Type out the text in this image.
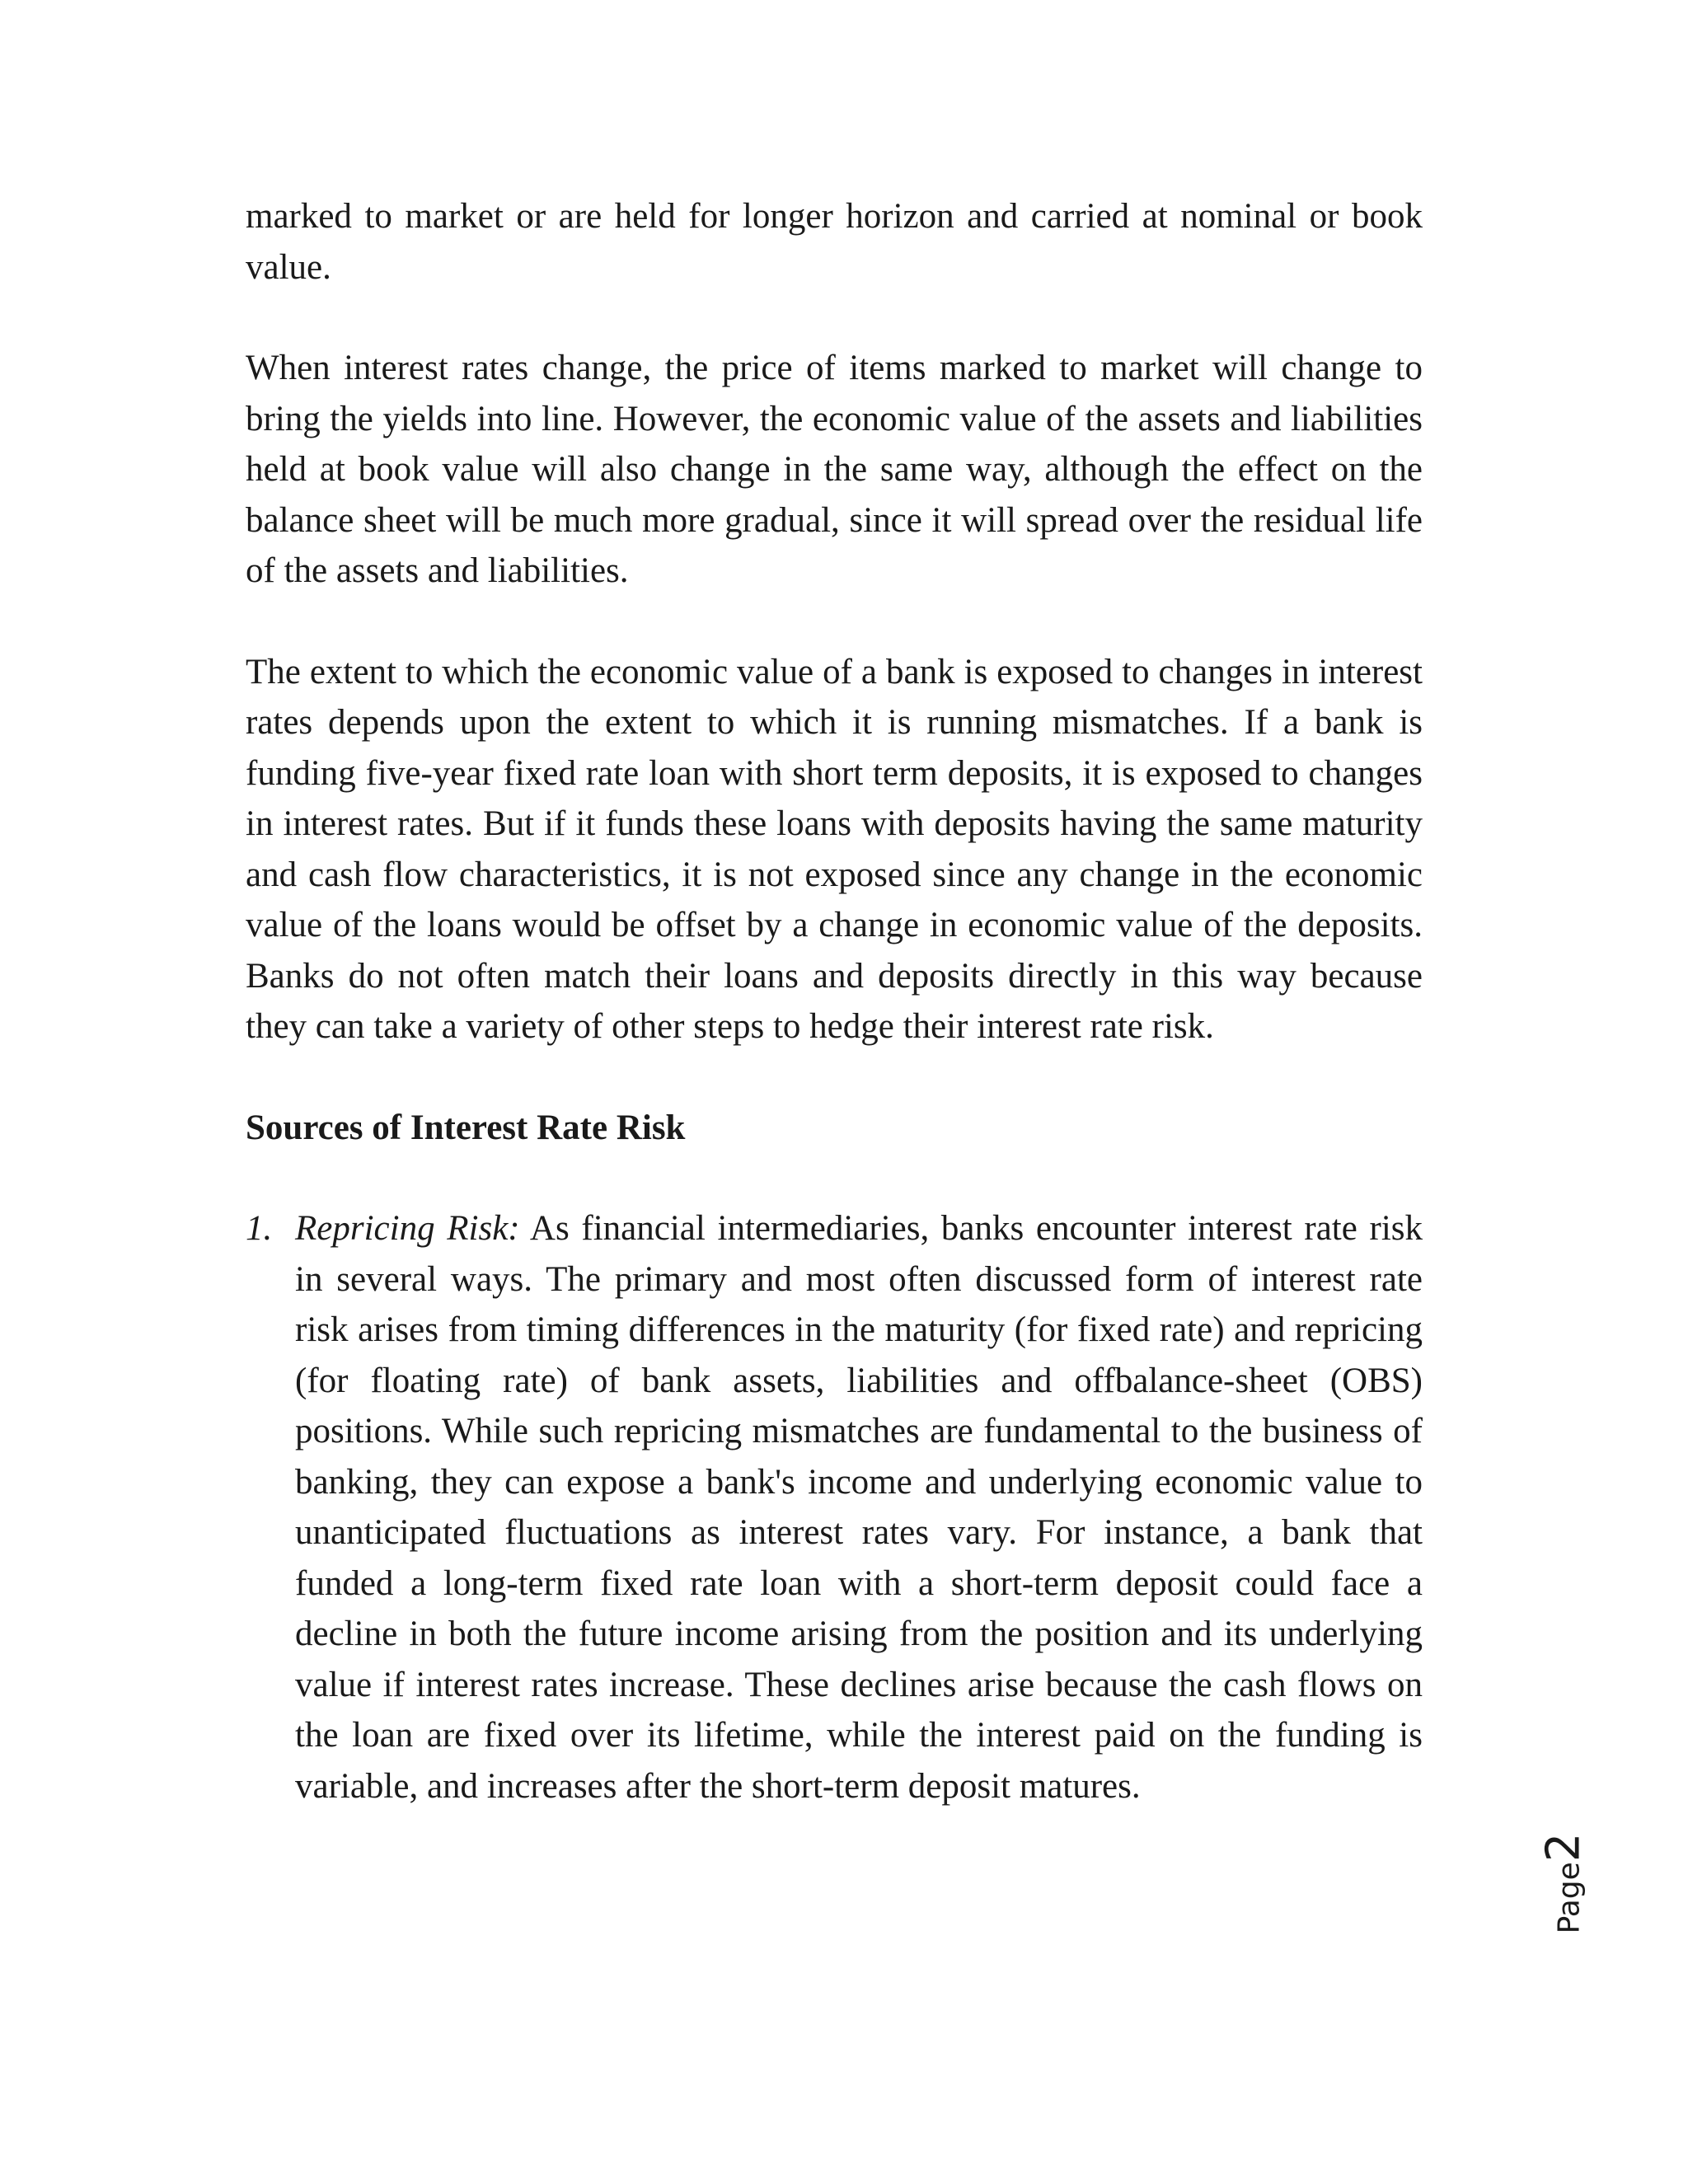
marked to market or are held for longer horizon and carried at nominal or book value.

When interest rates change, the price of items marked to market will change to bring the yields into line. However, the economic value of the assets and liabilities held at book value will also change in the same way, although the effect on the balance sheet will be much more gradual, since it will spread over the residual life of the assets and liabilities.

The extent to which the economic value of a bank is exposed to changes in interest rates depends upon the extent to which it is running mismatches. If a bank is funding five-year fixed rate loan with short term deposits, it is exposed to changes in interest rates. But if it funds these loans with deposits having the same maturity and cash flow characteristics, it is not exposed since any change in the economic value of the loans would be offset by a change in economic value of the deposits. Banks do not often match their loans and deposits directly in this way because they can take a variety of other steps to hedge their interest rate risk.

Sources of Interest Rate Risk
1. Repricing Risk: As financial intermediaries, banks encounter interest rate risk in several ways. The primary and most often discussed form of interest rate risk arises from timing differences in the maturity (for fixed rate) and repricing (for floating rate) of bank assets, liabilities and offbalance-sheet (OBS) positions. While such repricing mismatches are fundamental to the business of banking, they can expose a bank's income and underlying economic value to unanticipated fluctuations as interest rates vary. For instance, a bank that funded a long-term fixed rate loan with a short-term deposit could face a decline in both the future income arising from the position and its underlying value if interest rates increase. These declines arise because the cash flows on the loan are fixed over its lifetime, while the interest paid on the funding is variable, and increases after the short-term deposit matures.

Page2
